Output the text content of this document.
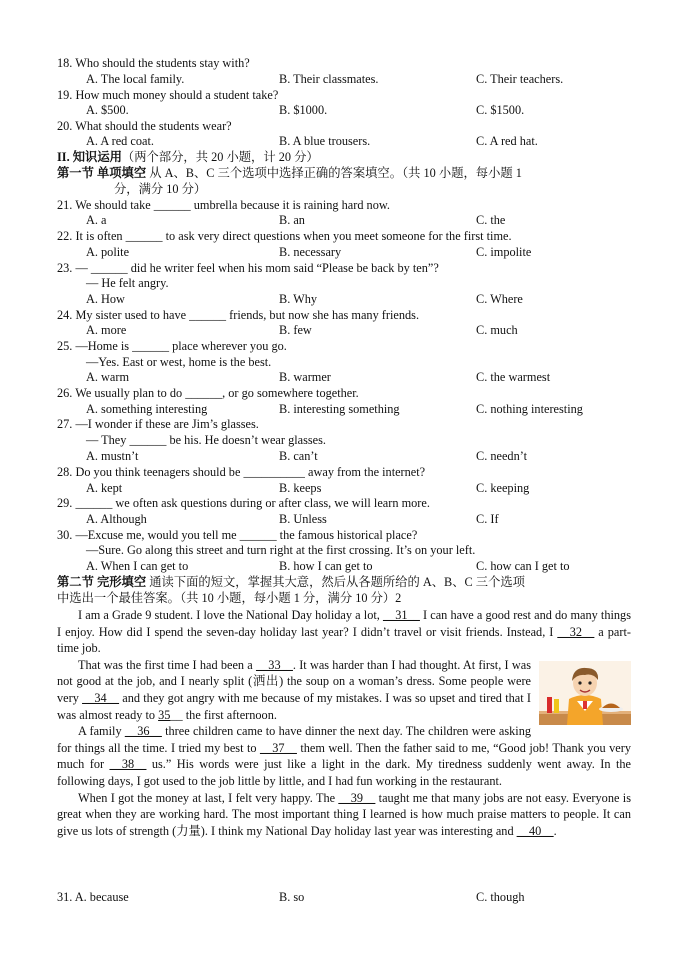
18. Who should the students stay with?
A. The local family.	B. Their classmates.	C. Their teachers.
19. How much money should a student take?
A. $500.	B. $1000.	C. $1500.
20. What should the students wear?
A. A red coat.	B. A blue trousers.	C. A red hat.
II. 知识运用（两个部分，共 20 小题，计 20 分）
第一节 单项填空 从 A、B、C 三个选项中选择正确的答案填空。（共 10 小题，每小题 1
分，满分 10 分）
21. We should take ______ umbrella because it is raining hard now.
A. a	B. an	C. the
22. It is often ______ to ask very direct questions when you meet someone for the first time.
A. polite	B. necessary	C. impolite
23. — ______ did he writer feel when his mom said “Please be back by ten”?
— He felt angry.
A. How	B. Why	C. Where
24. My sister used to have ______ friends, but now she has many friends.
A. more	B. few	C. much
25. —Home is ______ place wherever you go.
—Yes. East or west, home is the best.
A. warm	B. warmer	C. the warmest
26. We usually plan to do ______, or go somewhere together.
A. something interesting	B. interesting something	C. nothing interesting
27. —I wonder if these are Jim’s glasses.
— They ______ be his. He doesn’t wear glasses.
A. mustn’t	B. can’t	C. needn’t
28. Do you think teenagers should be __________ away from the internet?
A. kept	B. keeps	C. keeping
29. ______ we often ask questions during or after class, we will learn more.
A. Although	B. Unless	C. If
30. —Excuse me, would you tell me ______ the famous historical place?
—Sure. Go along this street and turn right at the first crossing. It’s on your left.
A. When I can get to	B. how I can get to	C. how can I get to
第二节 完形填空 通读下面的短文，掌握其大意，然后从各题所给的 A、B、C 三个选项
中选出一个最佳答案。（共 10 小题，每小题 1 分，满分 10 分）2

I am a Grade 9 student. I love the National Day holiday a lot, __31__ I can have a good rest and do many things I enjoy. How did I spend the seven-day holiday last year? I didn’t travel or visit friends. Instead, I __32__ a part-time job.

That was the first time I had been a __33__. It was harder than I had thought. At first, I was not good at the job, and I nearly split (洒出) the soup on a woman’s dress. Some people were very __34__ and they got angry with me because of my mistakes. I was so upset and tired that I was almost ready to 35__ the first afternoon.

A family __36__ three children came to have dinner the next day. The children were asking for things all the time. I tried my best to __37__ them well. Then the father said to me, “Good job! Thank you very much for __38__ us.” His words were just like a light in the dark. My tiredness suddenly went away. In the following days, I got used to the job little by little, and I had fun working in the restaurant.

When I got the money at last, I felt very happy. The __39__ taught me that many jobs are not easy. Everyone is great when they are working hard. The most important thing I learned is how much praise matters to people. It can give us lots of strength (力量). I think my National Day holiday last year was interesting and __40__.

31. A. because	B. so	C. though
